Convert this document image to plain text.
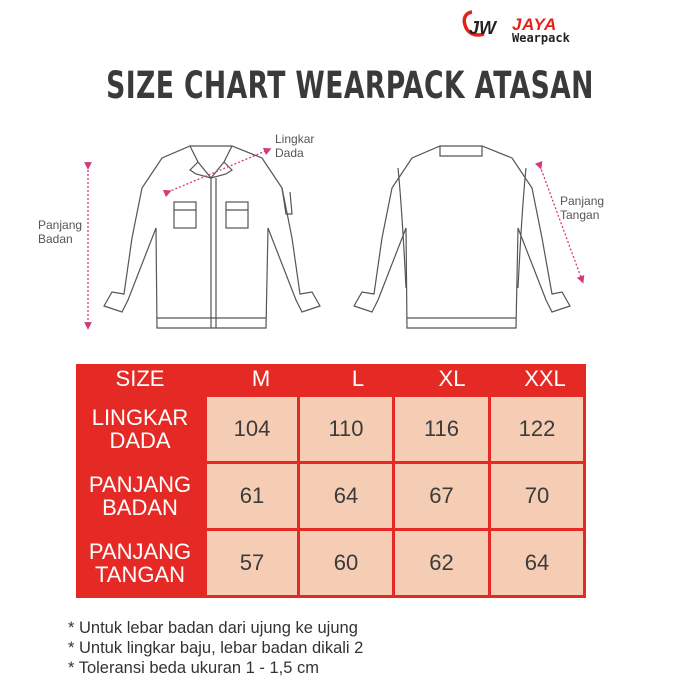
JW JAYA
Wearpack
SIZE CHART WEARPACK ATASAN
Lingkar
Dada
Panjang
Badan
Panjang
Tangan
SIZE	M	L	XL	XXL
LINGKAR
DADA	104	110	116	122
PANJANG
BADAN	61	64	67	70
PANJANG
TANGAN	57	60	62	64
* Untuk lebar badan dari ujung ke ujung
* Untuk lingkar baju, lebar badan dikali 2
* Toleransi beda ukuran 1 - 1,5 cm
